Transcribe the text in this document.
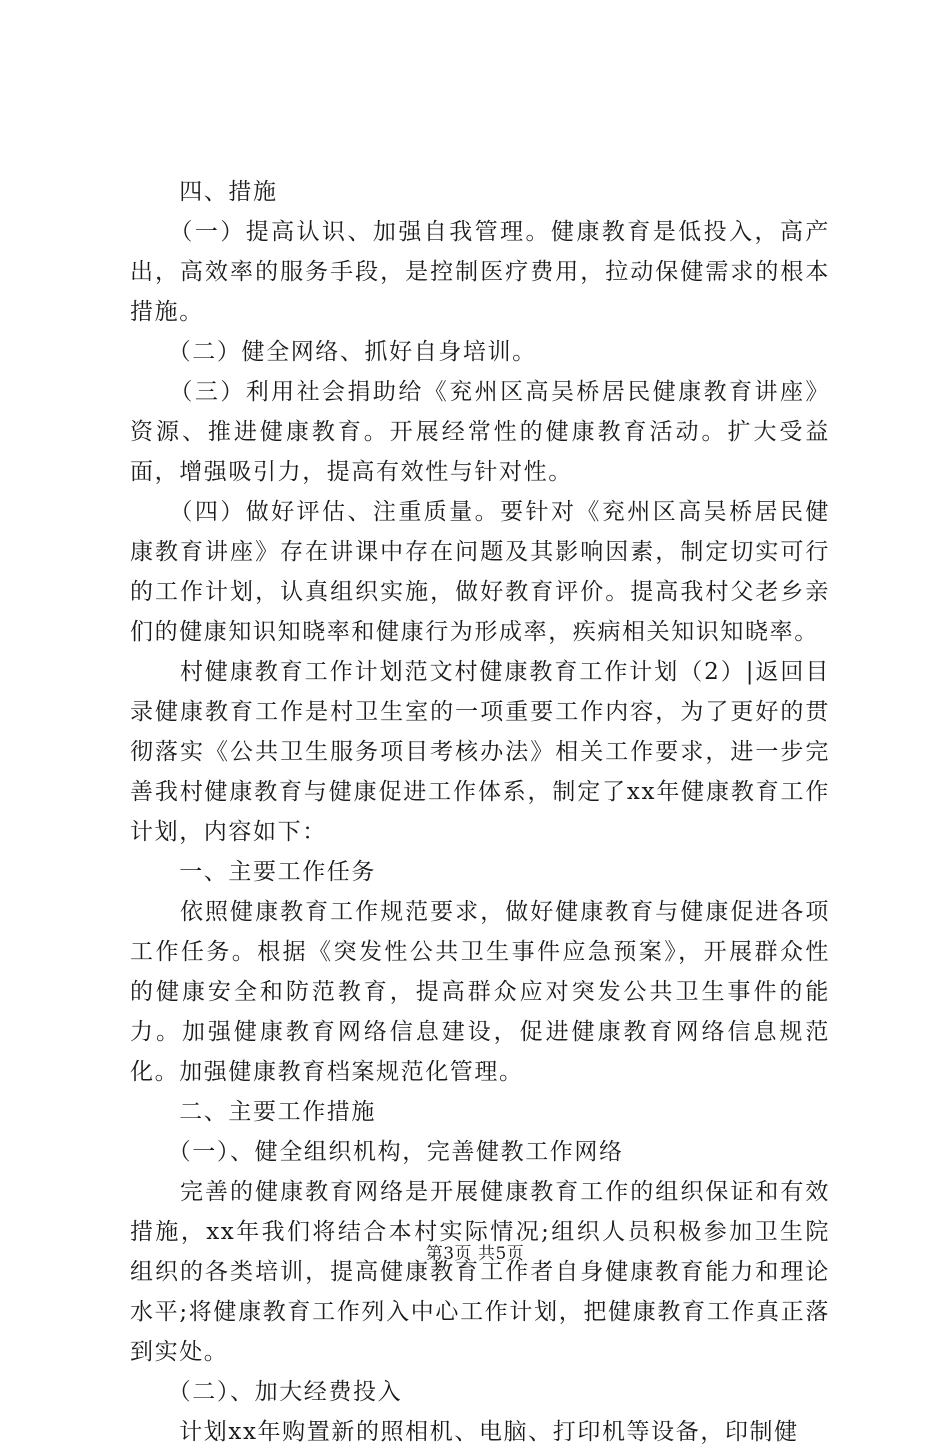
　　四、措施

　　（一）提高认识、加强自我管理。健康教育是低投入，高产出，高效率的服务手段，是控制医疗费用，拉动保健需求的根本措施。

　　（二）健全网络、抓好自身培训。

　　（三）利用社会捐助给《兖州区高吴桥居民健康教育讲座》资源、推进健康教育。开展经常性的健康教育活动。扩大受益面，增强吸引力，提高有效性与针对性。

　　（四）做好评估、注重质量。要针对《兖州区高吴桥居民健康教育讲座》存在讲课中存在问题及其影响因素，制定切实可行的工作计划，认真组织实施，做好教育评价。提高我村父老乡亲们的健康知识知晓率和健康行为形成率，疾病相关知识知晓率。

　　村健康教育工作计划范文村健康教育工作计划（2）|返回目录健康教育工作是村卫生室的一项重要工作内容，为了更好的贯彻落实《公共卫生服务项目考核办法》相关工作要求，进一步完善我村健康教育与健康促进工作体系，制定了xx年健康教育工作计划，内容如下：

　　一、主要工作任务

　　依照健康教育工作规范要求，做好健康教育与健康促进各项工作任务。根据《突发性公共卫生事件应急预案》，开展群众性的健康安全和防范教育，提高群众应对突发公共卫生事件的能力。加强健康教育网络信息建设，促进健康教育网络信息规范化。加强健康教育档案规范化管理。

　　二、主要工作措施

　　（一）、健全组织机构，完善健教工作网络

　　完善的健康教育网络是开展健康教育工作的组织保证和有效措施，xx年我们将结合本村实际情况;组织人员积极参加卫生院组织的各类培训，提高健康教育工作者自身健康教育能力和理论水平;将健康教育工作列入中心工作计划，把健康教育工作真正落到实处。

　　（二）、加大经费投入

　　计划xx年购置新的照相机、电脑、打印机等设备，印制健

第3页 共5页
